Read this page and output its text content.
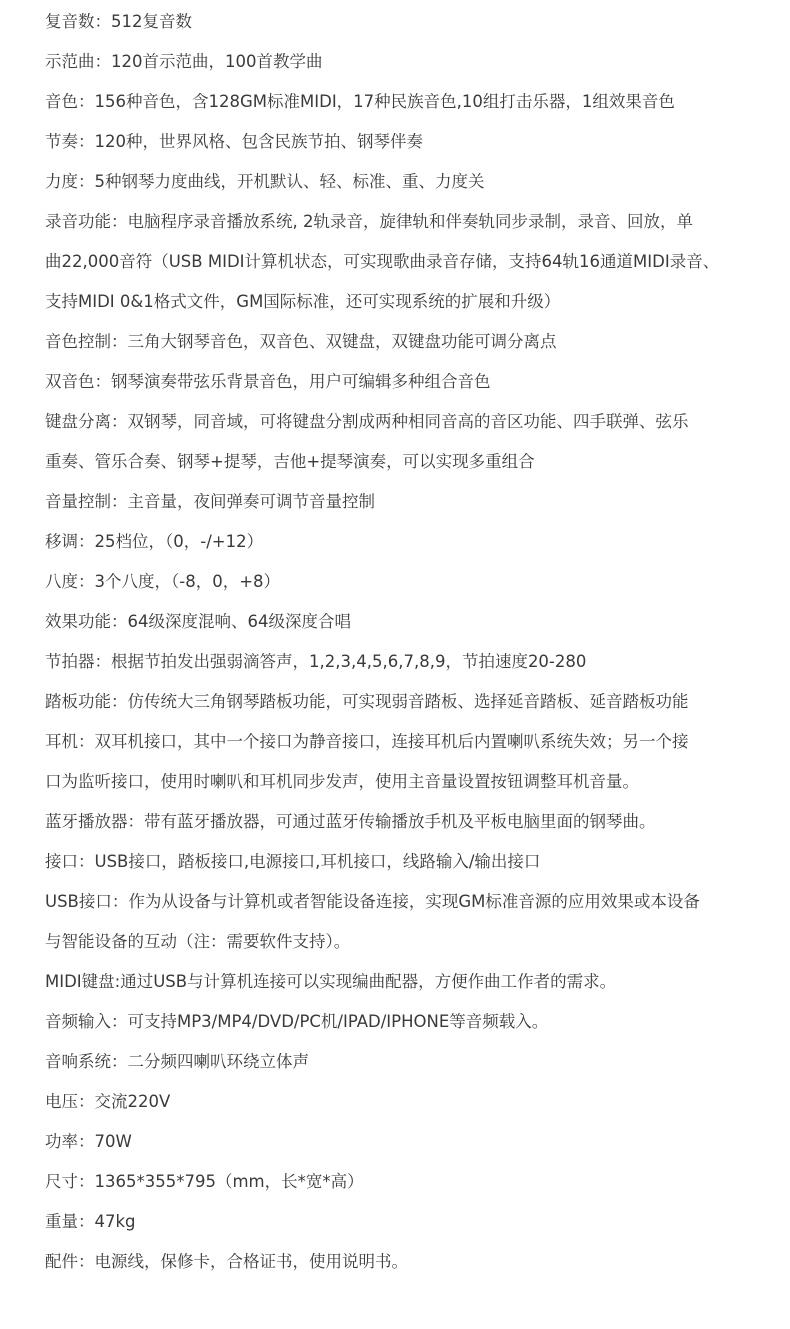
复音数：512复音数
示范曲：120首示范曲，100首教学曲
音色：156种音色，含128GM标准MIDI，17种民族音色,10组打击乐器，1组效果音色
节奏：120种，世界风格、包含民族节拍、钢琴伴奏
力度：5种钢琴力度曲线，开机默认、轻、标准、重、力度关
录音功能：电脑程序录音播放系统, 2轨录音，旋律轨和伴奏轨同步录制，录音、回放，单
曲22,000音符（USB MIDI计算机状态，可实现歌曲录音存储，支持64轨16通道MIDI录音、
支持MIDI 0&1格式文件，GM国际标准，还可实现系统的扩展和升级）
音色控制：三角大钢琴音色，双音色、双键盘，双键盘功能可调分离点
双音色：钢琴演奏带弦乐背景音色，用户可编辑多种组合音色
键盘分离：双钢琴，同音域，可将键盘分割成两种相同音高的音区功能、四手联弹、弦乐
重奏、管乐合奏、钢琴+提琴，吉他+提琴演奏，可以实现多重组合
音量控制：主音量，夜间弹奏可调节音量控制
移调：25档位，（0，-/+12）
八度：3个八度，（-8，0，+8）
效果功能：64级深度混响、64级深度合唱
节拍器：根据节拍发出强弱滴答声，1,2,3,4,5,6,7,8,9，节拍速度20-280
踏板功能：仿传统大三角钢琴踏板功能，可实现弱音踏板、选择延音踏板、延音踏板功能
耳机：双耳机接口，其中一个接口为静音接口，连接耳机后内置喇叭系统失效；另一个接
口为监听接口，使用时喇叭和耳机同步发声，使用主音量设置按钮调整耳机音量。
蓝牙播放器：带有蓝牙播放器，可通过蓝牙传输播放手机及平板电脑里面的钢琴曲。
接口：USB接口，踏板接口,电源接口,耳机接口，线路输入/输出接口
USB接口：作为从设备与计算机或者智能设备连接，实现GM标准音源的应用效果或本设备
与智能设备的互动（注：需要软件支持）。
MIDI键盘:通过USB与计算机连接可以实现编曲配器，方便作曲工作者的需求。
音频输入：可支持MP3/MP4/DVD/PC机/IPAD/IPHONE等音频载入。
音响系统：二分频四喇叭环绕立体声
电压：交流220V
功率：70W
尺寸：1365*355*795（mm，长*宽*高）
重量：47kg
配件：电源线，保修卡，合格证书，使用说明书。
